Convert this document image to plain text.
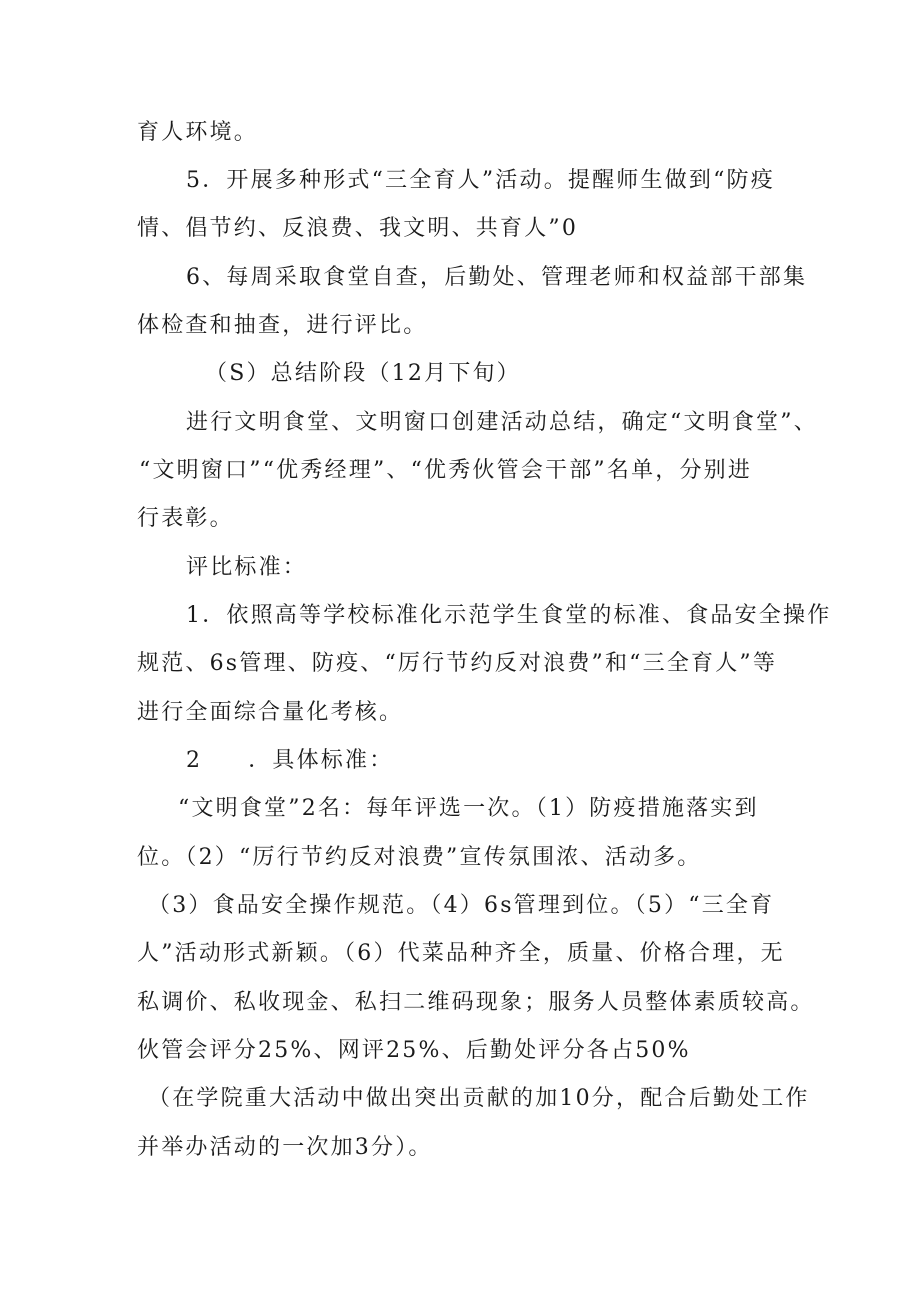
育人环境。
5．开展多种形式“三全育人”活动。提醒师生做到“防疫
情、倡节约、反浪费、我文明、共育人”0
6、每周采取食堂自查，后勤处、管理老师和权益部干部集
体检查和抽查，进行评比。
（S）总结阶段（12月下旬）
进行文明食堂、文明窗口创建活动总结，确定“文明食堂”、
“文明窗口”“优秀经理”、“优秀伙管会干部”名单，分别进
行表彰。
评比标准：
1．依照高等学校标准化示范学生食堂的标准、食品安全操作
规范、6s管理、防疫、“厉行节约反对浪费”和“三全育人”等
进行全面综合量化考核。
2 ．具体标准：
“文明食堂”2名：每年评选一次。（1）防疫措施落实到
位。（2）“厉行节约反对浪费”宣传氛围浓、活动多。
（3）食品安全操作规范。（4）6s管理到位。（5）“三全育
人”活动形式新颖。（6）代菜品种齐全，质量、价格合理，无
私调价、私收现金、私扫二维码现象；服务人员整体素质较高。
伙管会评分25%、网评25%、后勤处评分各占50%
（在学院重大活动中做出突出贡献的加10分，配合后勤处工作
并举办活动的一次加3分）。
